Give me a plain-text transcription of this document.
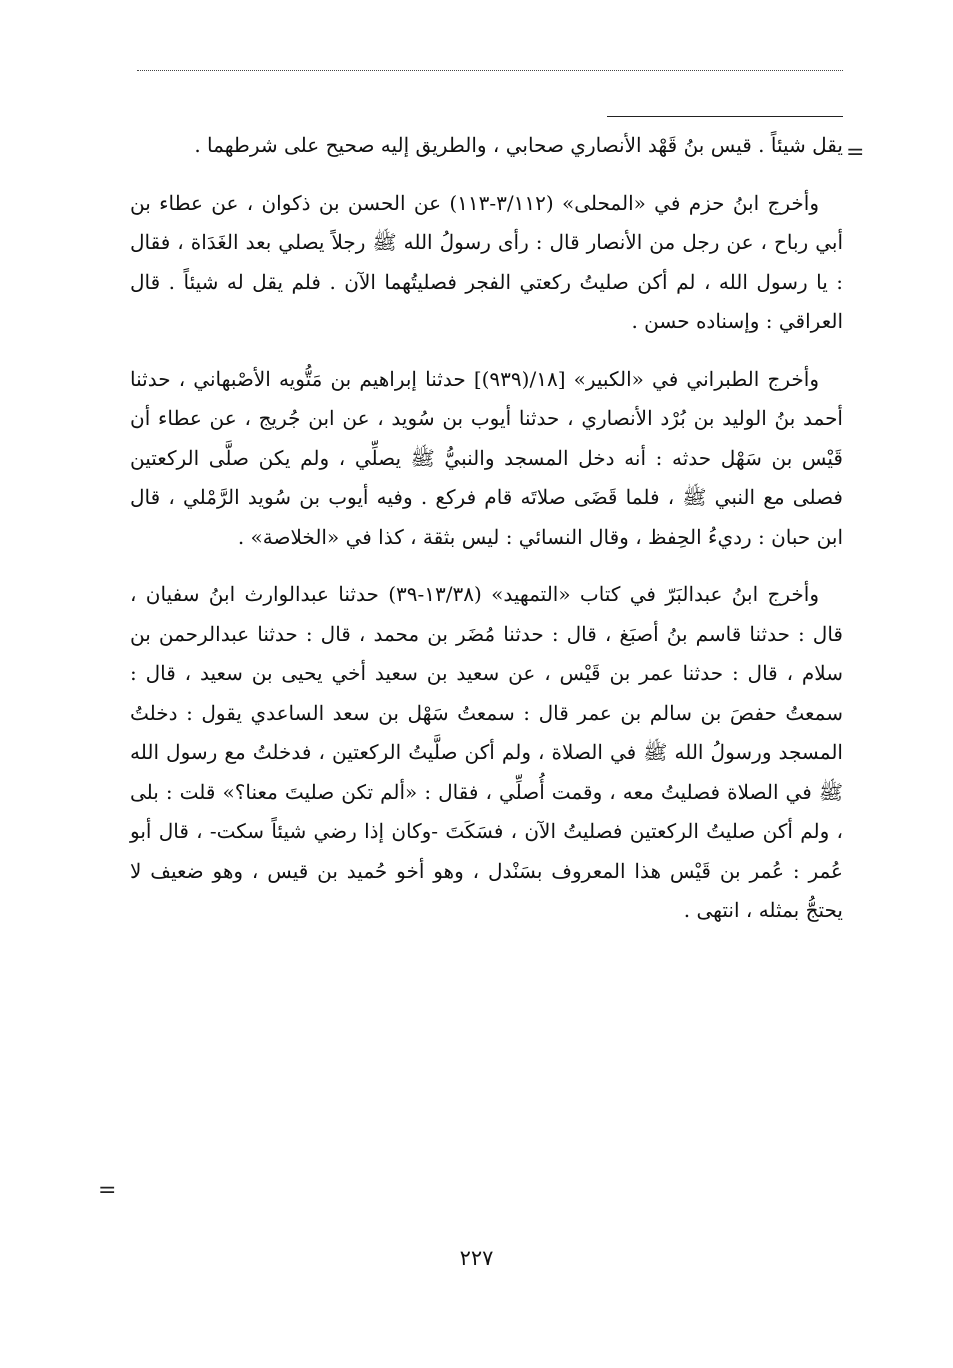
=

يقل شيئاً . قيس بنُ قَهْد الأنصاري صحابي ، والطريق إليه صحيح على شرطهما .

وأخرج ابنُ حزم في «المحلى» (٣/١١٢-١١٣) عن الحسن بن ذكوان ، عن عطاء بن أبي رباح ، عن رجل من الأنصار قال : رأى رسولُ الله ﷺ رجلاً يصلي بعد الغَدَاة ، فقال : يا رسول الله ، لم أكن صليتُ ركعتي الفجر فصليتُهما الآن . فلم يقل له شيئاً . قال العراقي : وإسناده حسن .

وأخرج الطبراني في «الكبير» [١٨/(٩٣٩)] حدثنا إبراهيم بن مَتُّويه الأصْبهاني ، حدثنا أحمد بنُ الوليد بن بُرْد الأنصاري ، حدثنا أيوب بن سُويد ، عن ابن جُريج ، عن عطاء أن قَيْس بن سَهْل حدثه : أنه دخل المسجد والنبيُّ ﷺ يصلِّي ، ولم يكن صلَّى الركعتين فصلى مع النبي ﷺ ، فلما قَضَى صلاتَه قام فركع . وفيه أيوب بن سُويد الرَّمْلي ، قال ابن حبان : رديءُ الحِفظ ، وقال النسائي : ليس بثقة ، كذا في «الخلاصة» .

وأخرج ابنُ عبدالبَرّ في كتاب «التمهيد» (١٣/٣٨-٣٩) حدثنا عبدالوارث ابنُ سفيان ، قال : حدثنا قاسم بنُ أصبَغ ، قال : حدثنا مُضَر بن محمد ، قال : حدثنا عبدالرحمن بن سلام ، قال : حدثنا عمر بن قَيْس ، عن سعيد بن سعيد أخي يحيى بن سعيد ، قال : سمعتُ حفصَ بن سالم بن عمر قال : سمعتُ سَهْل بن سعد الساعدي يقول : دخلتُ المسجد ورسولُ الله ﷺ في الصلاة ، ولم أكن صلَّيتُ الركعتين ، فدخلتُ مع رسول الله ﷺ في الصلاة فصليتُ معه ، وقمت أُصلِّي ، فقال : «ألم تكن صليتَ معنا؟» قلت : بلى ، ولم أكن صليتُ الركعتين فصليتُ الآن ، فسَكَتَ -وكان إذا رضي شيئاً سكت- ، قال أبو عُمر : عُمر بن قَيْس هذا المعروف بسَنْدل ، وهو أخو حُميد بن قيس ، وهو ضعيف لا يحتجُّ بمثله ، انتهى .

=
٢٢٧
